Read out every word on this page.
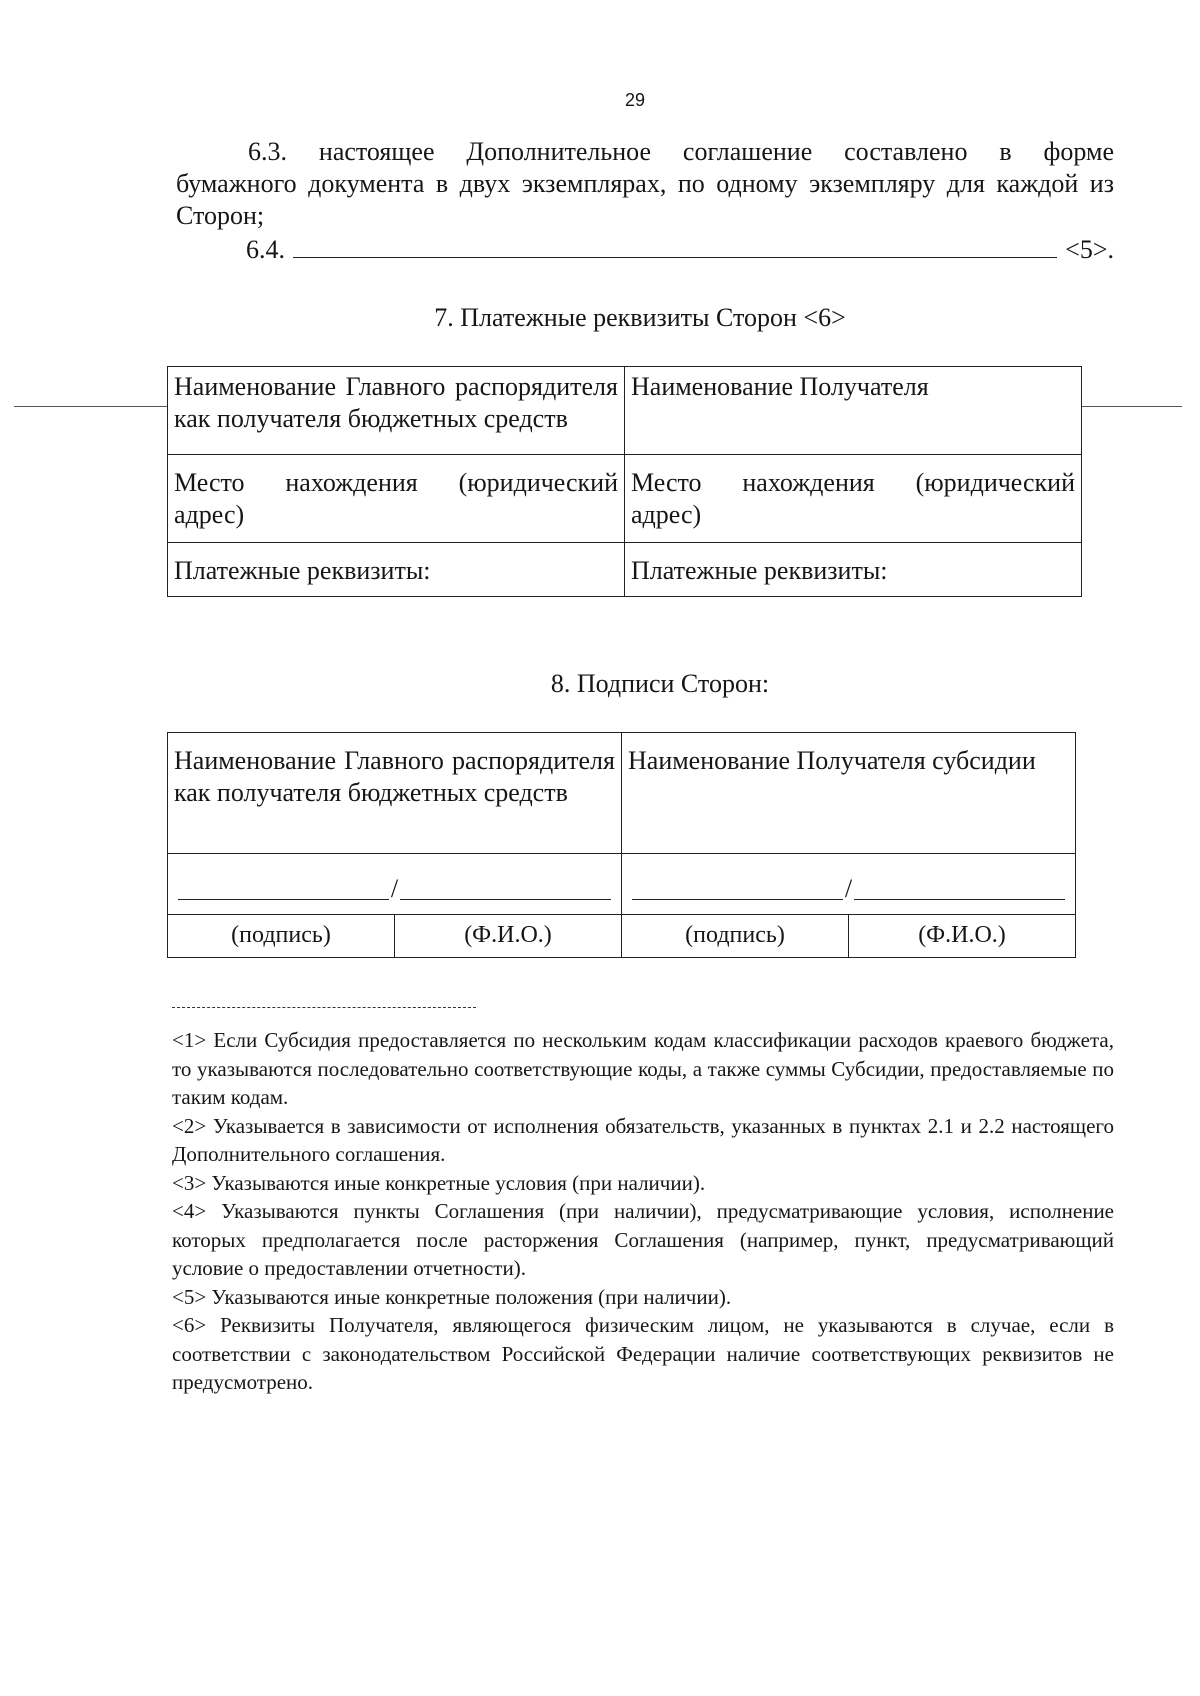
29
6.3. настоящее Дополнительное соглашение составлено в форме
бумажного документа в двух экземплярах, по одному экземпляру для каждой из Сторон;
6.4.	<5>.
7. Платежные реквизиты Сторон <6>
Наименование Главного распорядителя как получателя бюджетных средств	Наименование Получателя

Место нахождения (юридический адрес)	Место нахождения (юридический адрес)

Платежные реквизиты:	Платежные реквизиты:
8. Подписи Сторон:
Наименование Главного распорядителя как получателя бюджетных средств		Наименование Получателя субсидии	

/		/	

(подпись)	(Ф.И.О.)	(подпись)	(Ф.И.О.)

<1> Если Субсидия предоставляется по нескольким кодам классификации расходов краевого бюджета, то указываются последовательно соответствующие коды, а также суммы Субсидии, предоставляемые по таким кодам.

<2> Указывается в зависимости от исполнения обязательств, указанных в пунктах 2.1 и 2.2 настоящего Дополнительного соглашения.

<3> Указываются иные конкретные условия (при наличии).

<4> Указываются пункты Соглашения (при наличии), предусматривающие условия, исполнение которых предполагается после расторжения Соглашения (например, пункт, предусматривающий условие о предоставлении отчетности).

<5> Указываются иные конкретные положения (при наличии).

<6> Реквизиты Получателя, являющегося физическим лицом, не указываются в случае, если в соответствии с законодательством Российской Федерации наличие соответствующих реквизитов не предусмотрено.
